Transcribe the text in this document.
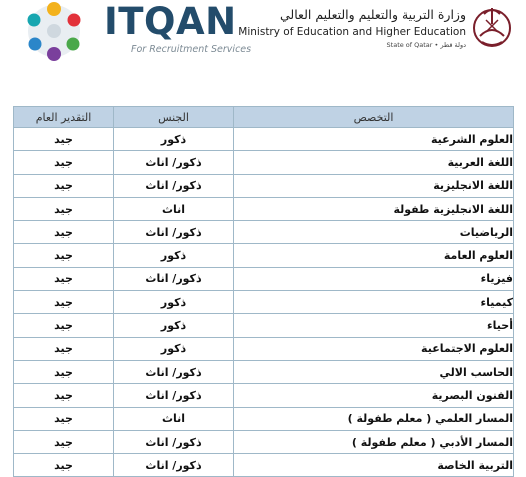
ITQAN
For Recruitment Services
وزارة التربية والتعليم والتعليم العالي
Ministry of Education and Higher Education
State of Qatar • دولة قطر
التقدير العام	الجنس	التخصص
جيد	ذكور	العلوم الشرعية
جيد	ذكور/ اناث	اللغة العربية
جيد	ذكور/ اناث	اللغة الانجليزية
جيد	اناث	اللغة الانجليزية طفولة
جيد	ذكور/ اناث	الرياضيات
جيد	ذكور	العلوم العامة
جيد	ذكور/ اناث	فيزياء
جيد	ذكور	كيمياء
جيد	ذكور	أحياء
جيد	ذكور	العلوم الاجتماعية
جيد	ذكور/ اناث	الحاسب الالي
جيد	ذكور/ اناث	الفنون البصرية
جيد	اناث	المسار العلمي ( معلم طفولة )
جيد	ذكور/ اناث	المسار الأدبي ( معلم طفولة )
جيد	ذكور/ اناث	التربية الخاصة
